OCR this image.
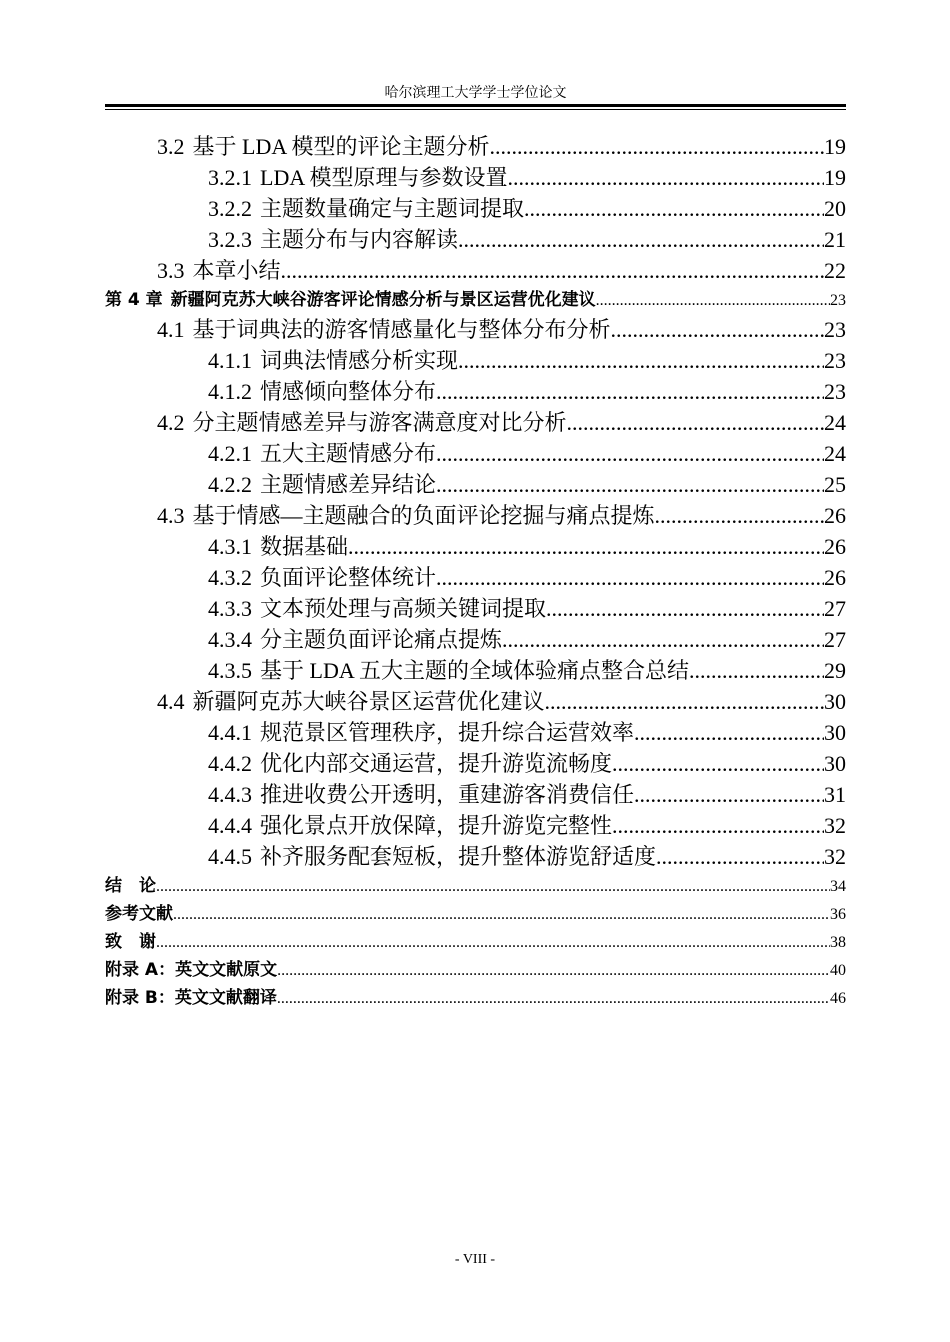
哈尔滨理工大学学士学位论文
3.2 基于 LDA 模型的评论主题分析 .....	19
3.2.1 LDA 模型原理与参数设置 .....	19
3.2.2 主题数量确定与主题词提取 .....	20
3.2.3 主题分布与内容解读 .....	21
3.3 本章小结 .....	22
第 4 章 新疆阿克苏大峡谷游客评论情感分析与景区运营优化建议 .....	23
4.1 基于词典法的游客情感量化与整体分布分析 .....	23
4.1.1 词典法情感分析实现 .....	23
4.1.2 情感倾向整体分布 .....	23
4.2 分主题情感差异与游客满意度对比分析 .....	24
4.2.1 五大主题情感分布 .....	24
4.2.2 主题情感差异结论 .....	25
4.3 基于情感—主题融合的负面评论挖掘与痛点提炼 .....	26
4.3.1 数据基础 .....	26
4.3.2 负面评论整体统计 .....	26
4.3.3 文本预处理与高频关键词提取 .....	27
4.3.4 分主题负面评论痛点提炼 .....	27
4.3.5 基于 LDA 五大主题的全域体验痛点整合总结 .....	29
4.4 新疆阿克苏大峡谷景区运营优化建议 .....	30
4.4.1 规范景区管理秩序，提升综合运营效率 .....	30
4.4.2 优化内部交通运营，提升游览流畅度 .....	30
4.4.3 推进收费公开透明，重建游客消费信任 .....	31
4.4.4 强化景点开放保障，提升游览完整性 .....	32
4.4.5 补齐服务配套短板，提升整体游览舒适度 .....	32
结　论 .....	34
参考文献 .....	36
致　谢 .....	38
附录 A：英文文献原文 .....	40
附录 B：英文文献翻译 .....	46
- VIII -
